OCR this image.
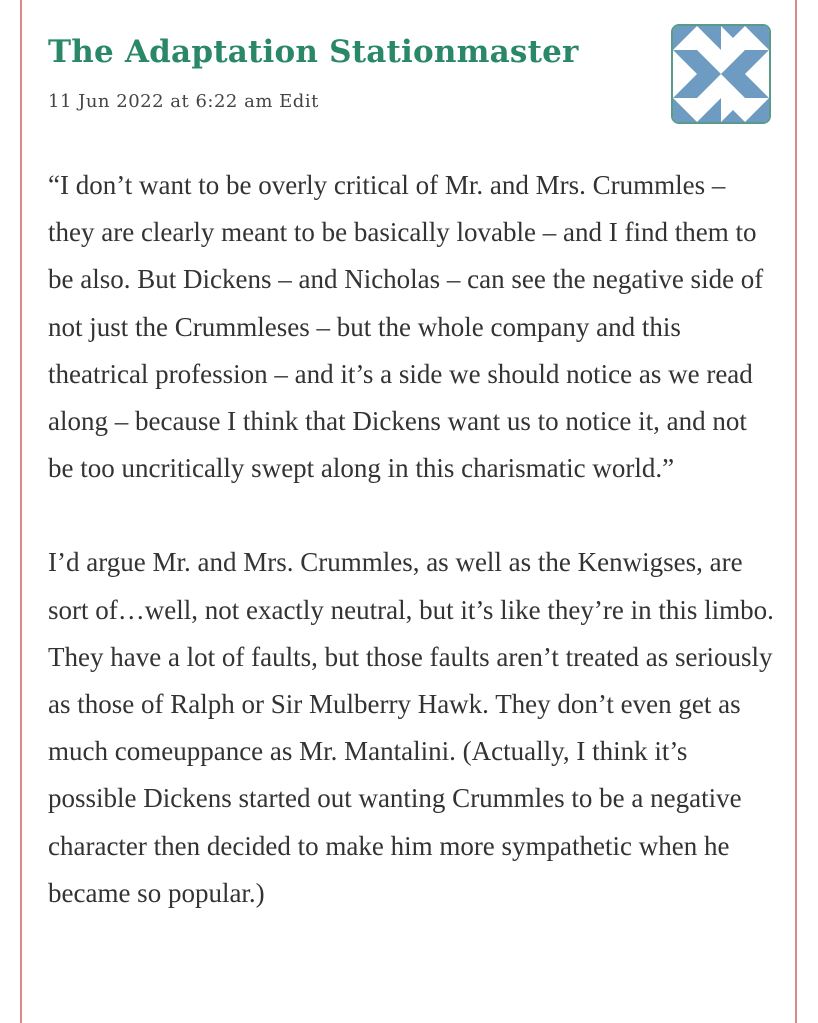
The Adaptation Stationmaster
11 Jun 2022 at 6:22 am Edit

“I don’t want to be overly critical of Mr. and Mrs. Crummles – they are clearly meant to be basically lovable – and I find them to be also. But Dickens – and Nicholas – can see the negative side of not just the Crummleses – but the whole company and this theatrical profession – and it’s a side we should notice as we read along – because I think that Dickens want us to notice it, and not be too uncritically swept along in this charismatic world.”

I’d argue Mr. and Mrs. Crummles, as well as the Kenwigses, are sort of…well, not exactly neutral, but it’s like they’re in this limbo. They have a lot of faults, but those faults aren’t treated as seriously as those of Ralph or Sir Mulberry Hawk. They don’t even get as much comeuppance as Mr. Mantalini. (Actually, I think it’s possible Dickens started out wanting Crummles to be a negative character then decided to make him more sympathetic when he became so popular.)
